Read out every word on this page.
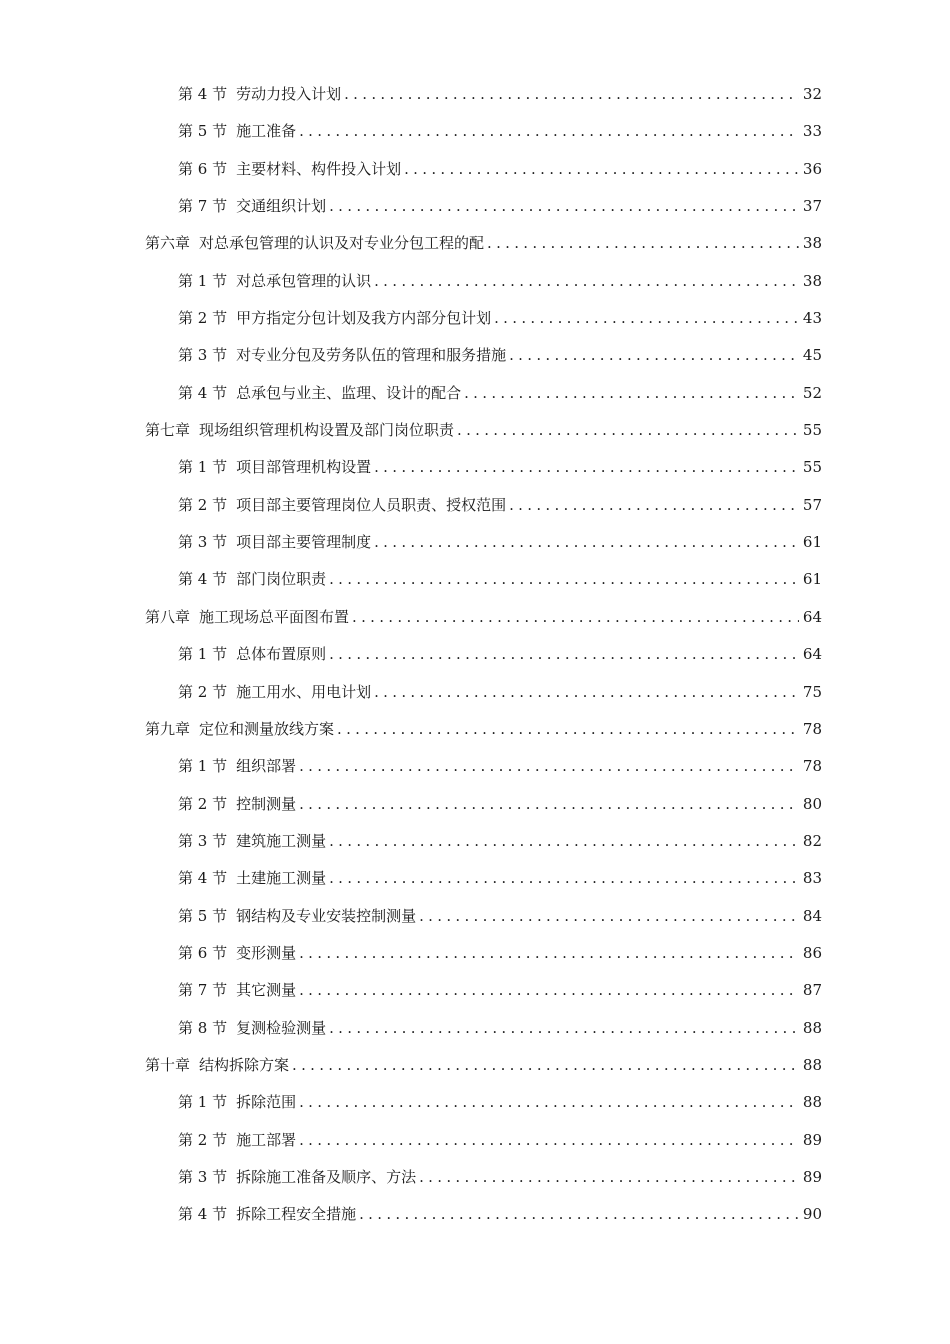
第 4 节 劳动力投入计划 .....	32
第 5 节 施工准备 .....	33
第 6 节 主要材料、构件投入计划 .....	36
第 7 节 交通组织计划 .....	37
第六章 对总承包管理的认识及对专业分包工程的配 .....	38
第 1 节 对总承包管理的认识 .....	38
第 2 节 甲方指定分包计划及我方内部分包计划 .....	43
第 3 节 对专业分包及劳务队伍的管理和服务措施 .....	45
第 4 节 总承包与业主、监理、设计的配合 .....	52
第七章 现场组织管理机构设置及部门岗位职责 .....	55
第 1 节 项目部管理机构设置 .....	55
第 2 节 项目部主要管理岗位人员职责、授权范围 .....	57
第 3 节 项目部主要管理制度 .....	61
第 4 节 部门岗位职责 .....	61
第八章 施工现场总平面图布置 .....	64
第 1 节 总体布置原则 .....	64
第 2 节 施工用水、用电计划 .....	75
第九章 定位和测量放线方案 .....	78
第 1 节 组织部署 .....	78
第 2 节 控制测量 .....	80
第 3 节 建筑施工测量 .....	82
第 4 节 土建施工测量 .....	83
第 5 节 钢结构及专业安装控制测量 .....	84
第 6 节 变形测量 .....	86
第 7 节 其它测量 .....	87
第 8 节 复测检验测量 .....	88
第十章 结构拆除方案 .....	88
第 1 节 拆除范围 .....	88
第 2 节 施工部署 .....	89
第 3 节 拆除施工准备及顺序、方法 .....	89
第 4 节 拆除工程安全措施 .....	90
